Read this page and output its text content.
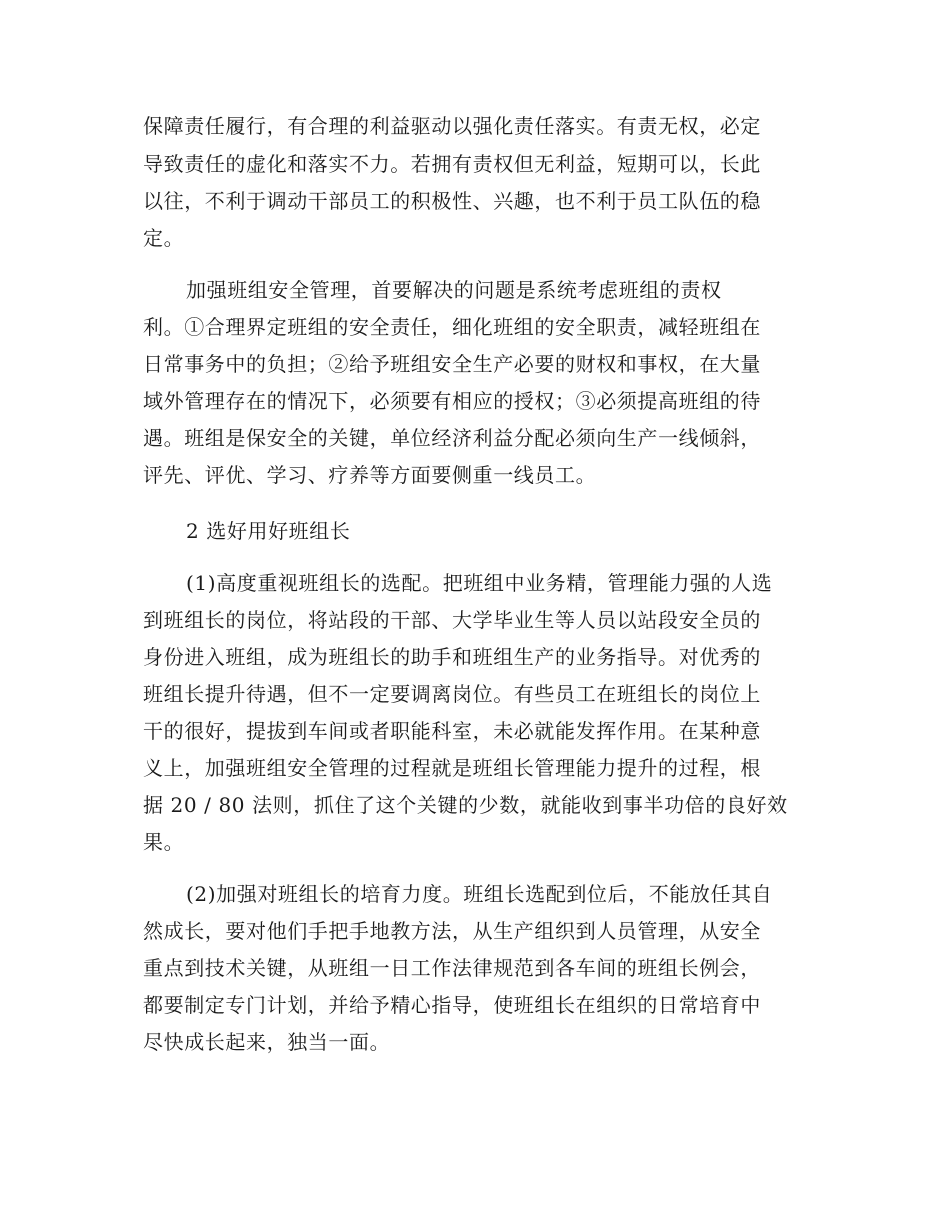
保障责任履行，有合理的利益驱动以强化责任落实。有责无权，必定
导致责任的虚化和落实不力。若拥有责权但无利益，短期可以，长此
以往，不利于调动干部员工的积极性、兴趣，也不利于员工队伍的稳
定。
加强班组安全管理，首要解决的问题是系统考虑班组的责权
利。①合理界定班组的安全责任，细化班组的安全职责，减轻班组在
日常事务中的负担；②给予班组安全生产必要的财权和事权，在大量
域外管理存在的情况下，必须要有相应的授权；③必须提高班组的待
遇。班组是保安全的关键，单位经济利益分配必须向生产一线倾斜，
评先、评优、学习、疗养等方面要侧重一线员工。
2 选好用好班组长
(1)高度重视班组长的选配。把班组中业务精，管理能力强的人选
到班组长的岗位，将站段的干部、大学毕业生等人员以站段安全员的
身份进入班组，成为班组长的助手和班组生产的业务指导。对优秀的
班组长提升待遇，但不一定要调离岗位。有些员工在班组长的岗位上
干的很好，提拔到车间或者职能科室，未必就能发挥作用。在某种意
义上，加强班组安全管理的过程就是班组长管理能力提升的过程，根
据 20 / 80 法则，抓住了这个关键的少数，就能收到事半功倍的良好效
果。
(2)加强对班组长的培育力度。班组长选配到位后，不能放任其自
然成长，要对他们手把手地教方法，从生产组织到人员管理，从安全
重点到技术关键，从班组一日工作法律规范到各车间的班组长例会，
都要制定专门计划，并给予精心指导，使班组长在组织的日常培育中
尽快成长起来，独当一面。
